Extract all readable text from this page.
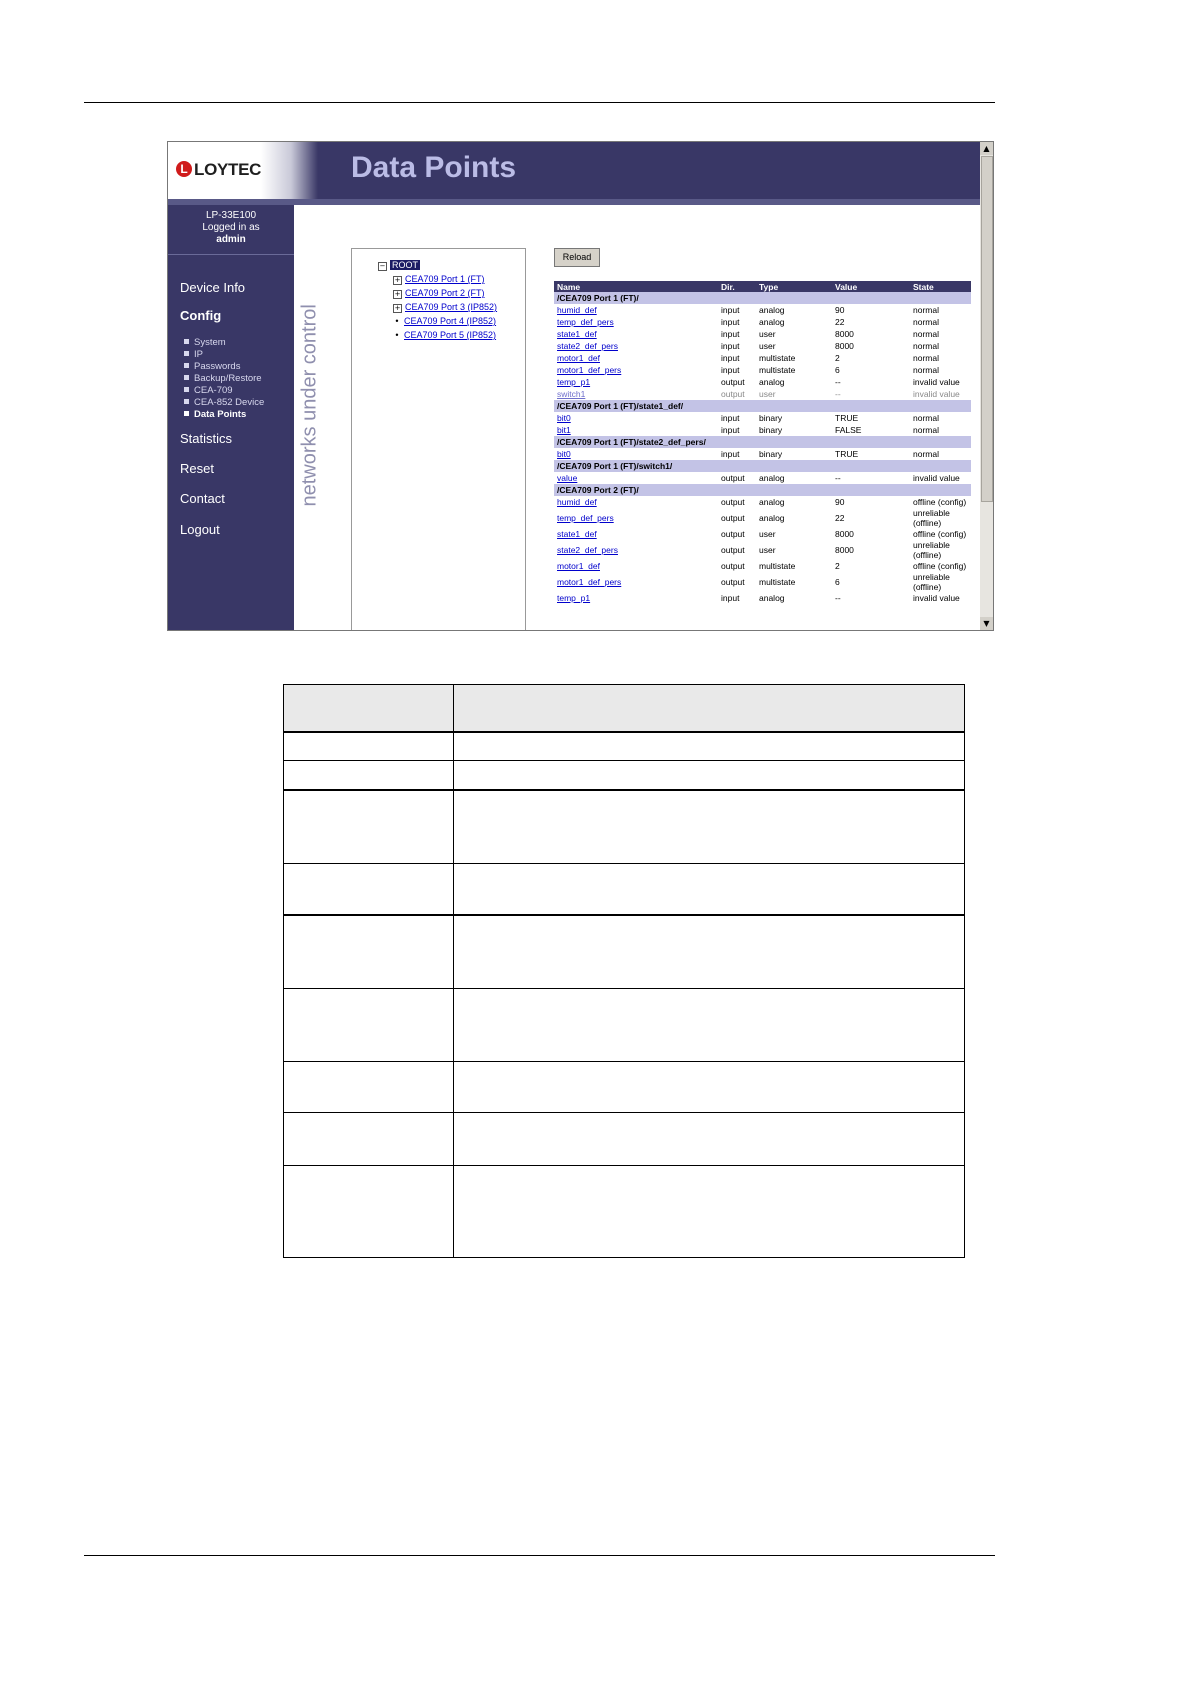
L LOYTEC	Data Points
LP-33E100
Logged in as
admin
Device Info
Config
System
IP
Passwords
Backup/Restore
CEA-709
CEA-852 Device
Data Points
Statistics
Reset
Contact
Logout
networks under control
− ROOT
+ CEA709 Port 1 (FT)
+ CEA709 Port 2 (FT)
+ CEA709 Port 3 (IP852)
• CEA709 Port 4 (IP852)
• CEA709 Port 5 (IP852)
Reload
Name	Dir.	Type	Value	State
/CEA709 Port 1 (FT)/				
humid_def	input	analog	90	normal
temp_def_pers	input	analog	22	normal
state1_def	input	user	8000	normal
state2_def_pers	input	user	8000	normal
motor1_def	input	multistate	2	normal
motor1_def_pers	input	multistate	6	normal
temp_p1	output	analog	--	invalid value
switch1	output	user	--	invalid value
/CEA709 Port 1 (FT)/state1_def/				
bit0	input	binary	TRUE	normal
bit1	input	binary	FALSE	normal
/CEA709 Port 1 (FT)/state2_def_pers/				
bit0	input	binary	TRUE	normal
/CEA709 Port 1 (FT)/switch1/				
value	output	analog	--	invalid value
/CEA709 Port 2 (FT)/				
humid_def	output	analog	90	offline (config)
temp_def_pers	output	analog	22	unreliable (offline)
state1_def	output	user	8000	offline (config)
state2_def_pers	output	user	8000	unreliable (offline)
motor1_def	output	multistate	2	offline (config)
motor1_def_pers	output	multistate	6	unreliable (offline)
temp_p1	input	analog	--	invalid value
▲
▼
